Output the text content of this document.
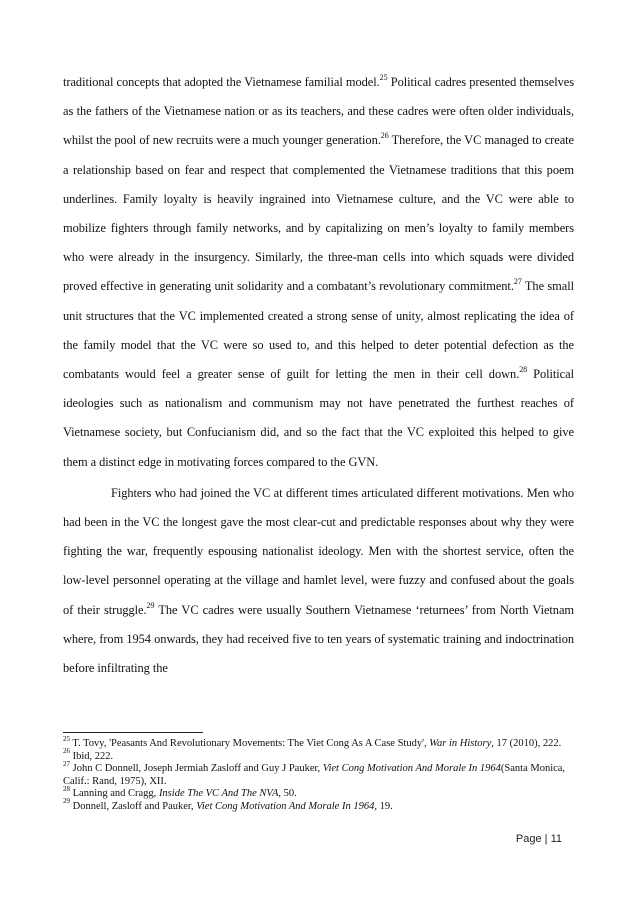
traditional concepts that adopted the Vietnamese familial model.$^{25}$ Political cadres presented themselves as the fathers of the Vietnamese nation or as its teachers, and these cadres were often older individuals, whilst the pool of new recruits were a much younger generation.$^{26}$ Therefore, the VC managed to create a relationship based on fear and respect that complemented the Vietnamese traditions that this poem underlines. Family loyalty is heavily ingrained into Vietnamese culture, and the VC were able to mobilize fighters through family networks, and by capitalizing on men’s loyalty to family members who were already in the insurgency. Similarly, the three-man cells into which squads were divided proved effective in generating unit solidarity and a combatant’s revolutionary commitment.$^{27}$ The small unit structures that the VC implemented created a strong sense of unity, almost replicating the idea of the family model that the VC were so used to, and this helped to deter potential defection as the combatants would feel a greater sense of guilt for letting the men in their cell down.$^{28}$ Political ideologies such as nationalism and communism may not have penetrated the furthest reaches of Vietnamese society, but Confucianism did, and so the fact that the VC exploited this helped to give them a distinct edge in motivating forces compared to the GVN.

Fighters who had joined the VC at different times articulated different motivations. Men who had been in the VC the longest gave the most clear-cut and predictable responses about why they were fighting the war, frequently espousing nationalist ideology. Men with the shortest service, often the low-level personnel operating at the village and hamlet level, were fuzzy and confused about the goals of their struggle.$^{29}$ The VC cadres were usually Southern Vietnamese ‘returnees’ from North Vietnam where, from 1954 onwards, they had received five to ten years of systematic training and indoctrination before infiltrating the

$^{25}$ T. Tovy, 'Peasants And Revolutionary Movements: The Viet Cong As A Case Study', War in History, 17 (2010), 222.

$^{26}$ Ibid, 222.

$^{27}$ John C Donnell, Joseph Jermiah Zasloff and Guy J Pauker, Viet Cong Motivation And Morale In 1964(Santa Monica, Calif.: Rand, 1975), XII.

$^{28}$ Lanning and Cragg, Inside The VC And The NVA, 50.

$^{29}$ Donnell, Zasloff and Pauker, Viet Cong Motivation And Morale In 1964, 19.

Page | 11
